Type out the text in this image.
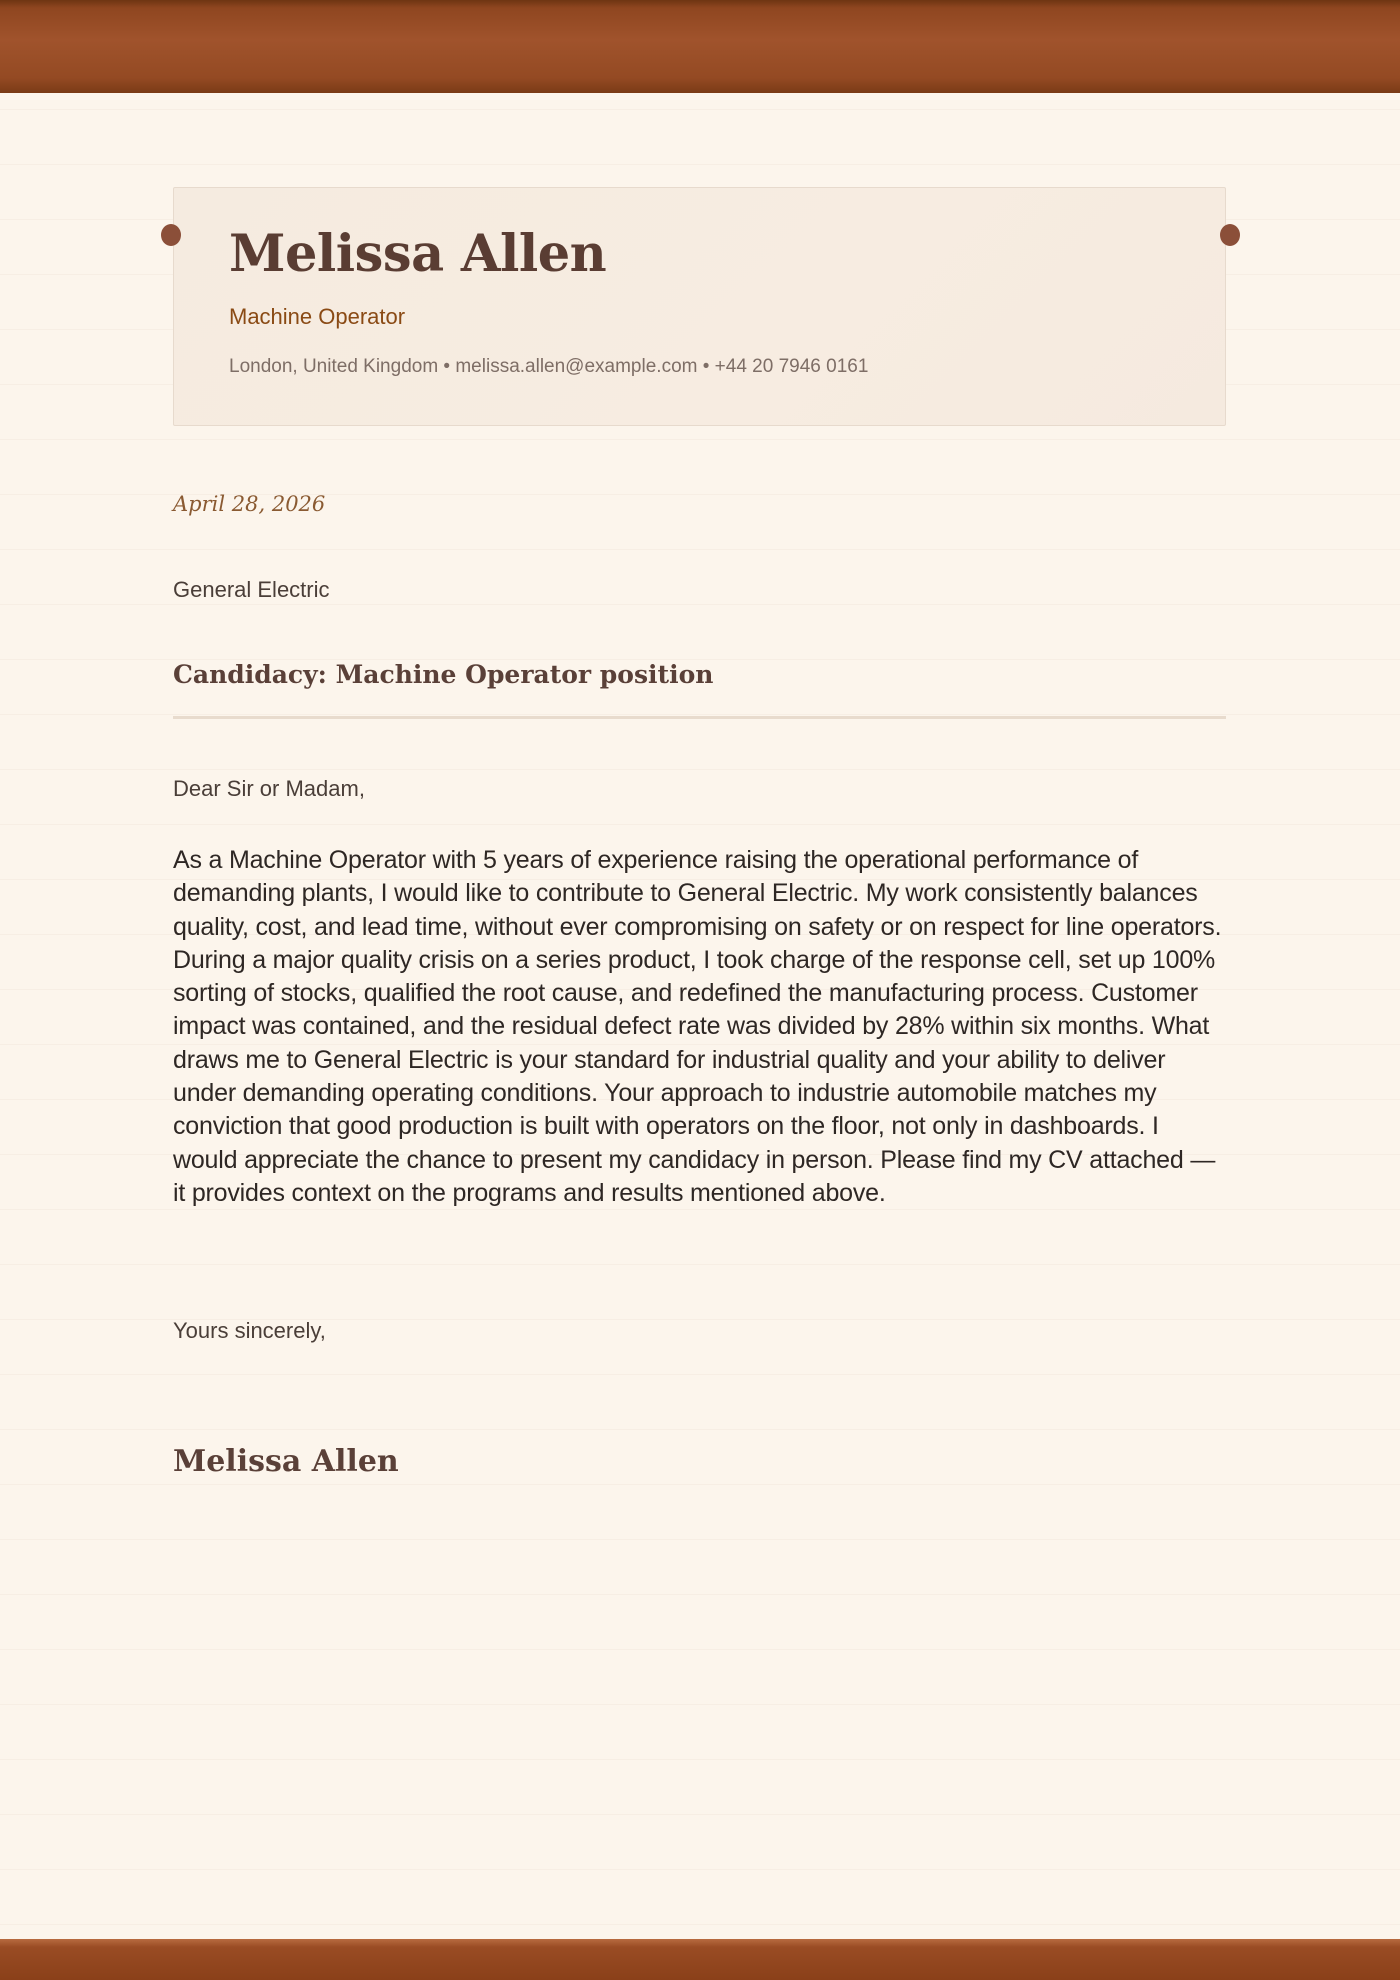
Melissa Allen
Machine Operator
London, United Kingdom • melissa.allen@example.com • +44 20 7946 0161
April 28, 2026
General Electric
Candidacy: Machine Operator position
Dear Sir or Madam,

As a Machine Operator with 5 years of experience raising the operational performance of demanding plants, I would like to contribute to General Electric. My work consistently balances quality, cost, and lead time, without ever compromising on safety or on respect for line operators. During a major quality crisis on a series product, I took charge of the response cell, set up 100% sorting of stocks, qualified the root cause, and redefined the manufacturing process. Customer impact was contained, and the residual defect rate was divided by 28% within six months. What draws me to General Electric is your standard for industrial quality and your ability to deliver under demanding operating conditions. Your approach to industrie automobile matches my conviction that good production is built with operators on the floor, not only in dashboards. I would appreciate the chance to present my candidacy in person. Please find my CV attached — it provides context on the programs and results mentioned above.

Yours sincerely,
Melissa Allen
